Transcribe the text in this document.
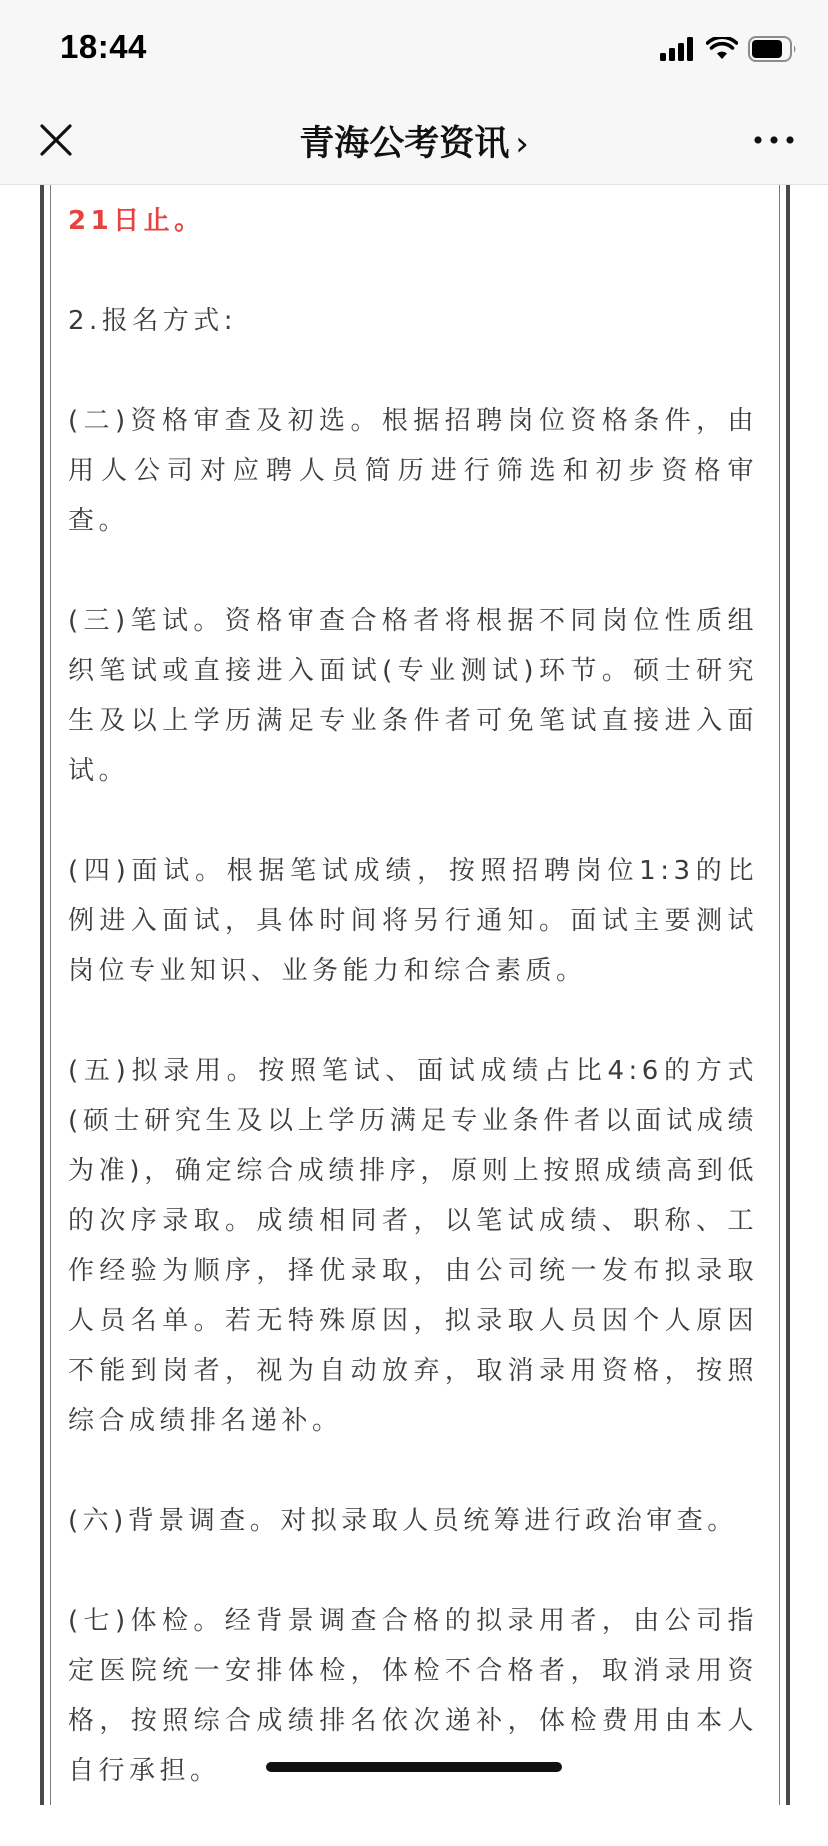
18:44
青海公考资讯 ›

21日止。

2.报名方式:

(二)资格审查及初选。根据招聘岗位资格条件，由用人公司对应聘人员简历进行筛选和初步资格审查。

(三)笔试。资格审查合格者将根据不同岗位性质组织笔试或直接进入面试(专业测试)环节。硕士研究生及以上学历满足专业条件者可免笔试直接进入面试。

(四)面试。根据笔试成绩，按照招聘岗位1:3的比例进入面试，具体时间将另行通知。面试主要测试岗位专业知识、业务能力和综合素质。

(五)拟录用。按照笔试、面试成绩占比4:6的方式(硕士研究生及以上学历满足专业条件者以面试成绩为准)，确定综合成绩排序，原则上按照成绩高到低的次序录取。成绩相同者，以笔试成绩、职称、工作经验为顺序，择优录取，由公司统一发布拟录取人员名单。若无特殊原因，拟录取人员因个人原因不能到岗者，视为自动放弃，取消录用资格，按照综合成绩排名递补。

(六)背景调查。对拟录取人员统筹进行政治审查。

(七)体检。经背景调查合格的拟录用者，由公司指定医院统一安排体检，体检不合格者，取消录用资格，按照综合成绩排名依次递补，体检费用由本人自行承担。
